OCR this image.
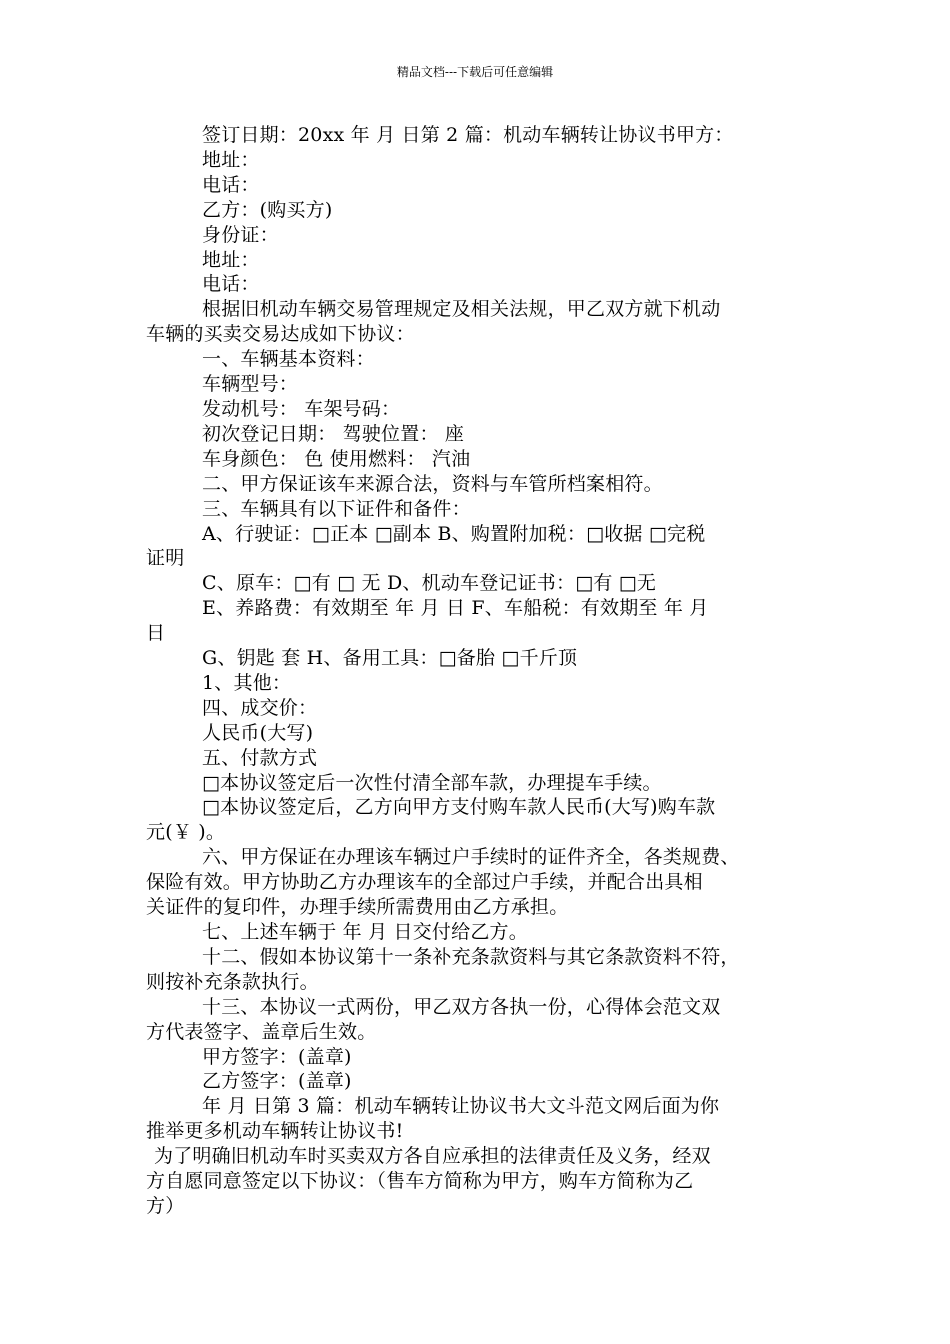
精品文档---下载后可任意编辑
签订日期：20xx 年 月 日第 2 篇：机动车辆转让协议书甲方：
地址：
电话：
乙方：(购买方)
身份证：
地址：
电话：
根据旧机动车辆交易管理规定及相关法规，甲乙双方就下机动
车辆的买卖交易达成如下协议：
一、车辆基本资料：
车辆型号：
发动机号： 车架号码：
初次登记日期： 驾驶位置： 座
车身颜色： 色 使用燃料： 汽油
二、甲方保证该车来源合法，资料与车管所档案相符。
三、车辆具有以下证件和备件：
A、行驶证：□正本 □副本 B、购置附加税：□收据 □完税
证明
C、原车：□有 □ 无 D、机动车登记证书：□有 □无
E、养路费：有效期至 年 月 日 F、车船税：有效期至 年 月
日
G、钥匙 套 H、备用工具：□备胎 □千斤顶
1、其他：
四、成交价：
人民币(大写)
五、付款方式
□本协议签定后一次性付清全部车款，办理提车手续。
□本协议签定后，乙方向甲方支付购车款人民币(大写)购车款
元(￥ )。
六、甲方保证在办理该车辆过户手续时的证件齐全，各类规费、
保险有效。甲方协助乙方办理该车的全部过户手续，并配合出具相
关证件的复印件，办理手续所需费用由乙方承担。
七、上述车辆于 年 月 日交付给乙方。
十二、假如本协议第十一条补充条款资料与其它条款资料不符，
则按补充条款执行。
十三、本协议一式两份，甲乙双方各执一份，心得体会范文双
方代表签字、盖章后生效。
甲方签字：(盖章)
乙方签字：(盖章)
年 月 日第 3 篇：机动车辆转让协议书大文斗范文网后面为你
推举更多机动车辆转让协议书!
为了明确旧机动车时买卖双方各自应承担的法律责任及义务，经双
方自愿同意签定以下协议：（售车方简称为甲方，购车方简称为乙
方）
